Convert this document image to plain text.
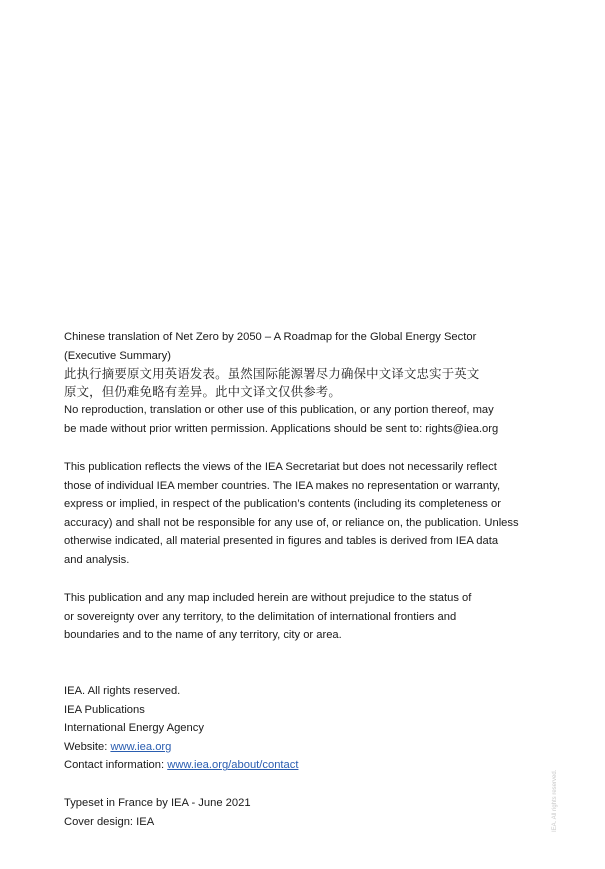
Chinese translation of Net Zero by 2050 – A Roadmap for the Global Energy Sector
(Executive Summary)
此执行摘要原文用英语发表。虽然国际能源署尽力确保中文译文忠实于英文
原文，但仍难免略有差异。此中文译文仅供参考。
No reproduction, translation or other use of this publication, or any portion thereof, may
be made without prior written permission. Applications should be sent to: rights@iea.org
This publication reflects the views of the IEA Secretariat but does not necessarily reflect
those of individual IEA member countries. The IEA makes no representation or warranty,
express or implied, in respect of the publication’s contents (including its completeness or
accuracy) and shall not be responsible for any use of, or reliance on, the publication. Unless
otherwise indicated, all material presented in figures and tables is derived from IEA data
and analysis.
This publication and any map included herein are without prejudice to the status of
or sovereignty over any territory, to the delimitation of international frontiers and
boundaries and to the name of any territory, city or area.
IEA. All rights reserved.
IEA Publications
International Energy Agency
Website: www.iea.org
Contact information: www.iea.org/about/contact
Typeset in France by IEA - June 2021
Cover design: IEA	IEA. All rights reserved.
